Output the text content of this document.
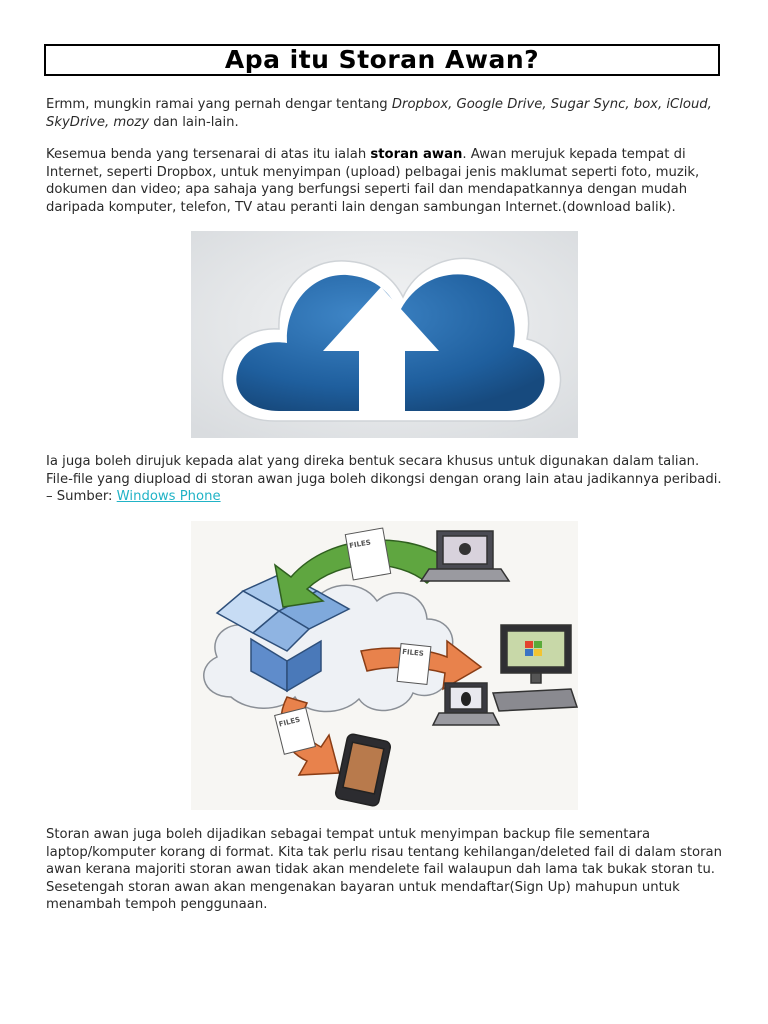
Apa itu Storan Awan?
Ermm, mungkin ramai yang pernah dengar tentang Dropbox, Google Drive, Sugar Sync, box, iCloud, SkyDrive, mozy dan lain-lain.
Kesemua benda yang tersenarai di atas itu ialah storan awan. Awan merujuk kepada tempat di Internet, seperti Dropbox, untuk menyimpan (upload) pelbagai jenis maklumat seperti foto, muzik, dokumen dan video; apa sahaja yang berfungsi seperti fail dan mendapatkannya dengan mudah daripada komputer, telefon, TV atau peranti lain dengan sambungan Internet.(download balik).
Ia juga boleh dirujuk kepada alat yang direka bentuk secara khusus untuk digunakan dalam talian. File-file yang diupload di storan awan juga boleh dikongsi dengan orang lain atau jadikannya peribadi. – Sumber: Windows Phone
FILES
FILES
FILES
Storan awan juga boleh dijadikan sebagai tempat untuk menyimpan backup file sementara laptop/komputer korang di format. Kita tak perlu risau tentang kehilangan/deleted fail di dalam storan awan kerana majoriti storan awan tidak akan mendelete fail walaupun dah lama tak bukak storan tu. Sesetengah storan awan akan mengenakan bayaran untuk mendaftar(Sign Up) mahupun untuk menambah tempoh penggunaan.
